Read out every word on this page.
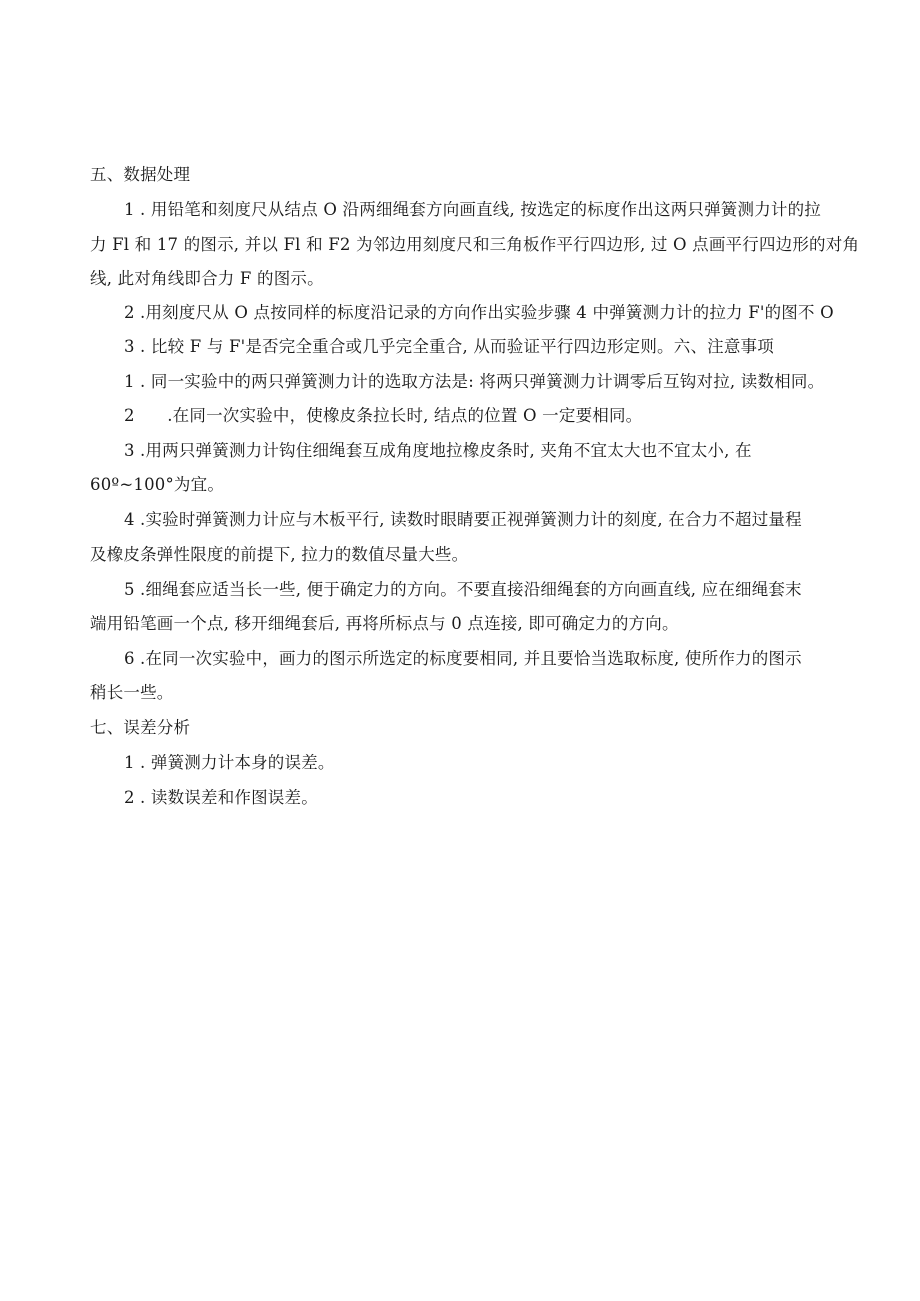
五、数据处理
1 . 用铅笔和刻度尺从结点 O 沿两细绳套方向画直线, 按选定的标度作出这两只弹簧测力计的拉
力 Fl 和 17 的图示, 并以 Fl 和 F2 为邻边用刻度尺和三角板作平行四边形, 过 O 点画平行四边形的对角
线, 此对角线即合力 F 的图示。
2 .用刻度尺从 O 点按同样的标度沿记录的方向作出实验步骤 4 中弹簧测力计的拉力 F'的图不 O
3 . 比较 F 与 F'是否完全重合或几乎完全重合, 从而验证平行四边形定则。六、注意事项
1 . 同一实验中的两只弹簧测力计的选取方法是: 将两只弹簧测力计调零后互钩对拉, 读数相同。
2     .在同一次实验中，使橡皮条拉长时, 结点的位置 O 一定要相同。
3 .用两只弹簧测力计钩住细绳套互成角度地拉橡皮条时, 夹角不宜太大也不宜太小, 在
60º~100°为宜。
4 .实验时弹簧测力计应与木板平行, 读数时眼睛要正视弹簧测力计的刻度, 在合力不超过量程
及橡皮条弹性限度的前提下, 拉力的数值尽量大些。
5 .细绳套应适当长一些, 便于确定力的方向。不要直接沿细绳套的方向画直线, 应在细绳套末
端用铅笔画一个点, 移开细绳套后, 再将所标点与 0 点连接, 即可确定力的方向。
6 .在同一次实验中，画力的图示所选定的标度要相同, 并且要恰当选取标度, 使所作力的图示
稍长一些。
七、误差分析
1 . 弹簧测力计本身的误差。
2 . 读数误差和作图误差。
